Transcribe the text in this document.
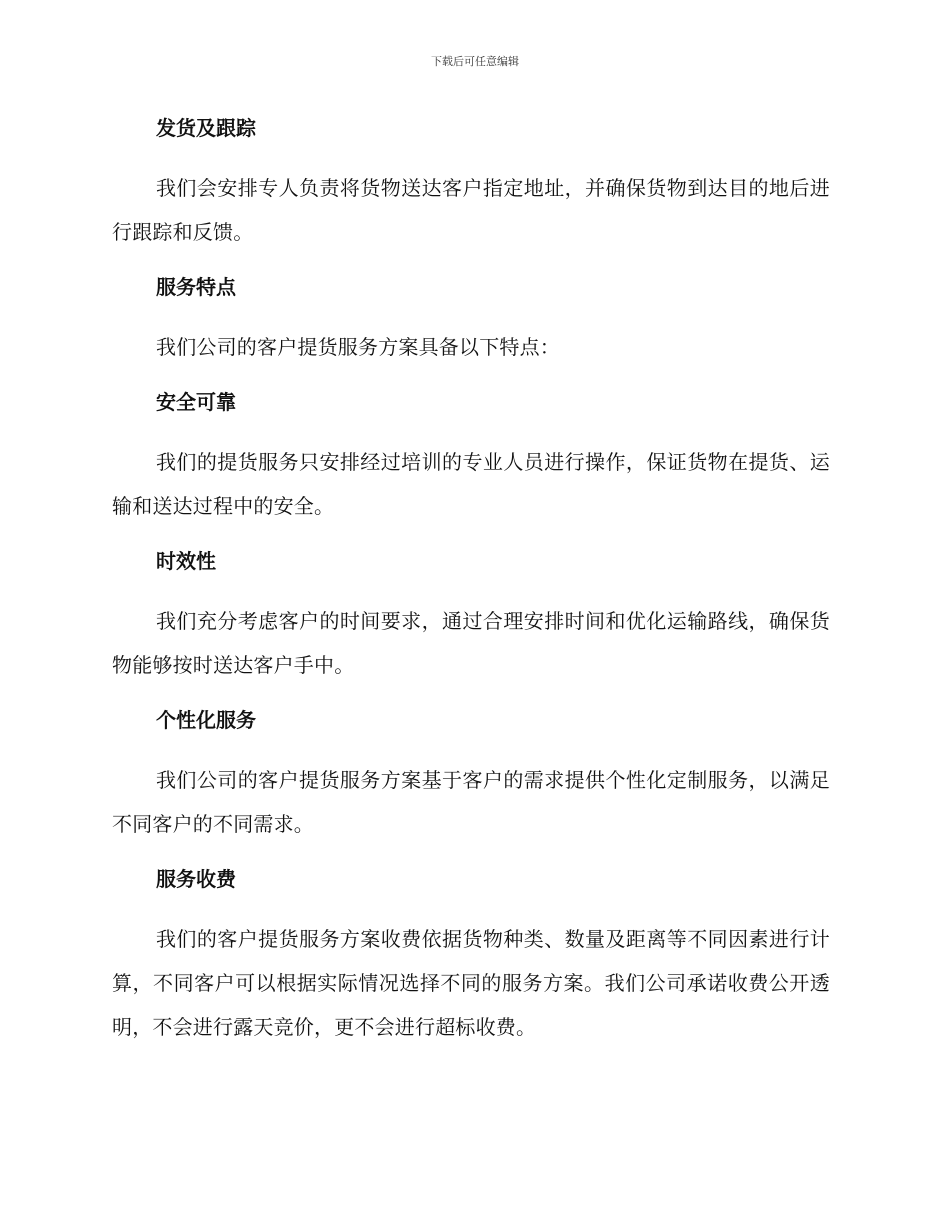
下载后可任意编辑
发货及跟踪

我们会安排专人负责将货物送达客户指定地址，并确保货物到达目的地后进行跟踪和反馈。

服务特点

我们公司的客户提货服务方案具备以下特点：

安全可靠

我们的提货服务只安排经过培训的专业人员进行操作，保证货物在提货、运输和送达过程中的安全。

时效性

我们充分考虑客户的时间要求，通过合理安排时间和优化运输路线，确保货物能够按时送达客户手中。

个性化服务

我们公司的客户提货服务方案基于客户的需求提供个性化定制服务，以满足不同客户的不同需求。

服务收费

我们的客户提货服务方案收费依据货物种类、数量及距离等不同因素进行计算，不同客户可以根据实际情况选择不同的服务方案。我们公司承诺收费公开透明，不会进行露天竞价，更不会进行超标收费。
